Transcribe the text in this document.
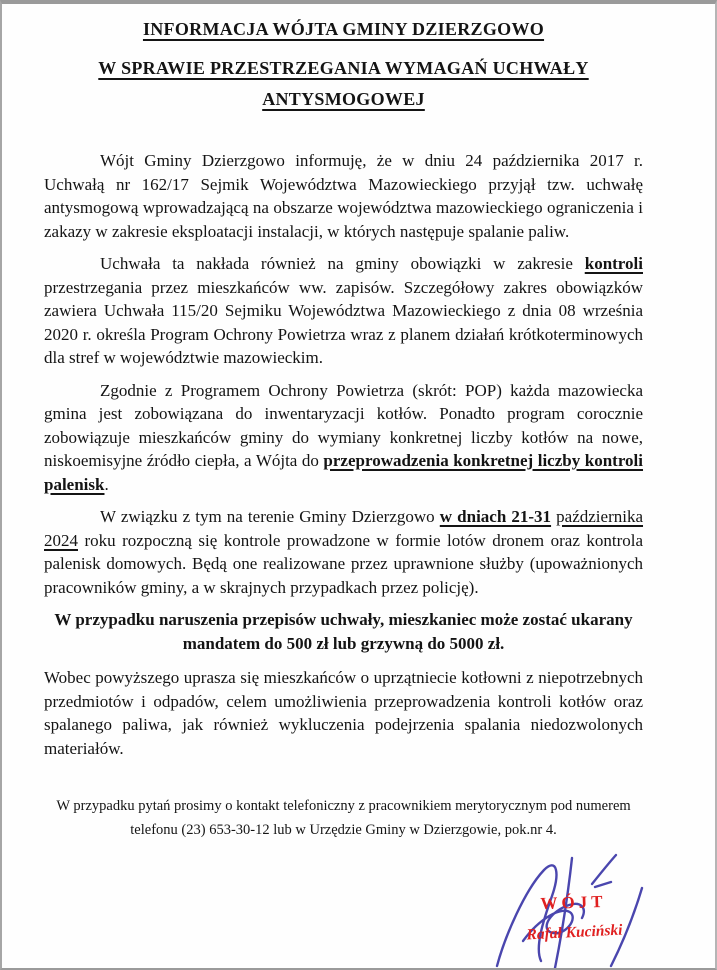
INFORMACJA WÓJTA GMINY DZIERZGOWO
W SPRAWIE PRZESTRZEGANIA WYMAGAŃ UCHWAŁY ANTYSMOGOWEJ

Wójt Gminy Dzierzgowo informuję, że w dniu 24 października 2017 r. Uchwałą nr 162/17 Sejmik Województwa Mazowieckiego przyjął tzw. uchwałę antysmogową wprowadzającą na obszarze województwa mazowieckiego ograniczenia i zakazy w zakresie eksploatacji instalacji, w których następuje spalanie paliw.

Uchwała ta nakłada również na gminy obowiązki w zakresie kontroli przestrzegania przez mieszkańców ww. zapisów. Szczegółowy zakres obowiązków zawiera Uchwała 115/20 Sejmiku Województwa Mazowieckiego z dnia 08 września 2020 r. określa Program Ochrony Powietrza wraz z planem działań krótkoterminowych dla stref w województwie mazowieckim.

Zgodnie z Programem Ochrony Powietrza (skrót: POP) każda mazowiecka gmina jest zobowiązana do inwentaryzacji kotłów. Ponadto program corocznie zobowiązuje mieszkańców gminy do wymiany konkretnej liczby kotłów na nowe, niskoemisyjne źródło ciepła, a Wójta do przeprowadzenia konkretnej liczby kontroli palenisk.

W związku z tym na terenie Gminy Dzierzgowo w dniach 21-31 października 2024 roku rozpoczną się kontrole prowadzone w formie lotów dronem oraz kontrola palenisk domowych. Będą one realizowane przez uprawnione służby (upoważnionych pracowników gminy, a w skrajnych przypadkach przez policję).

W przypadku naruszenia przepisów uchwały, mieszkaniec może zostać ukarany mandatem do 500 zł lub grzywną do 5000 zł.

Wobec powyższego uprasza się mieszkańców o uprzątniecie kotłowni z niepotrzebnych przedmiotów i odpadów, celem umożliwienia przeprowadzenia kontroli kotłów oraz spalanego paliwa, jak również wykluczenia podejrzenia spalania niedozwolonych materiałów.

W przypadku pytań prosimy o kontakt telefoniczny z pracownikiem merytorycznym pod numerem telefonu (23) 653-30-12 lub w Urzędzie Gminy w Dzierzgowie, pok.nr 4.

WÓJT
Rafał Kuciński
